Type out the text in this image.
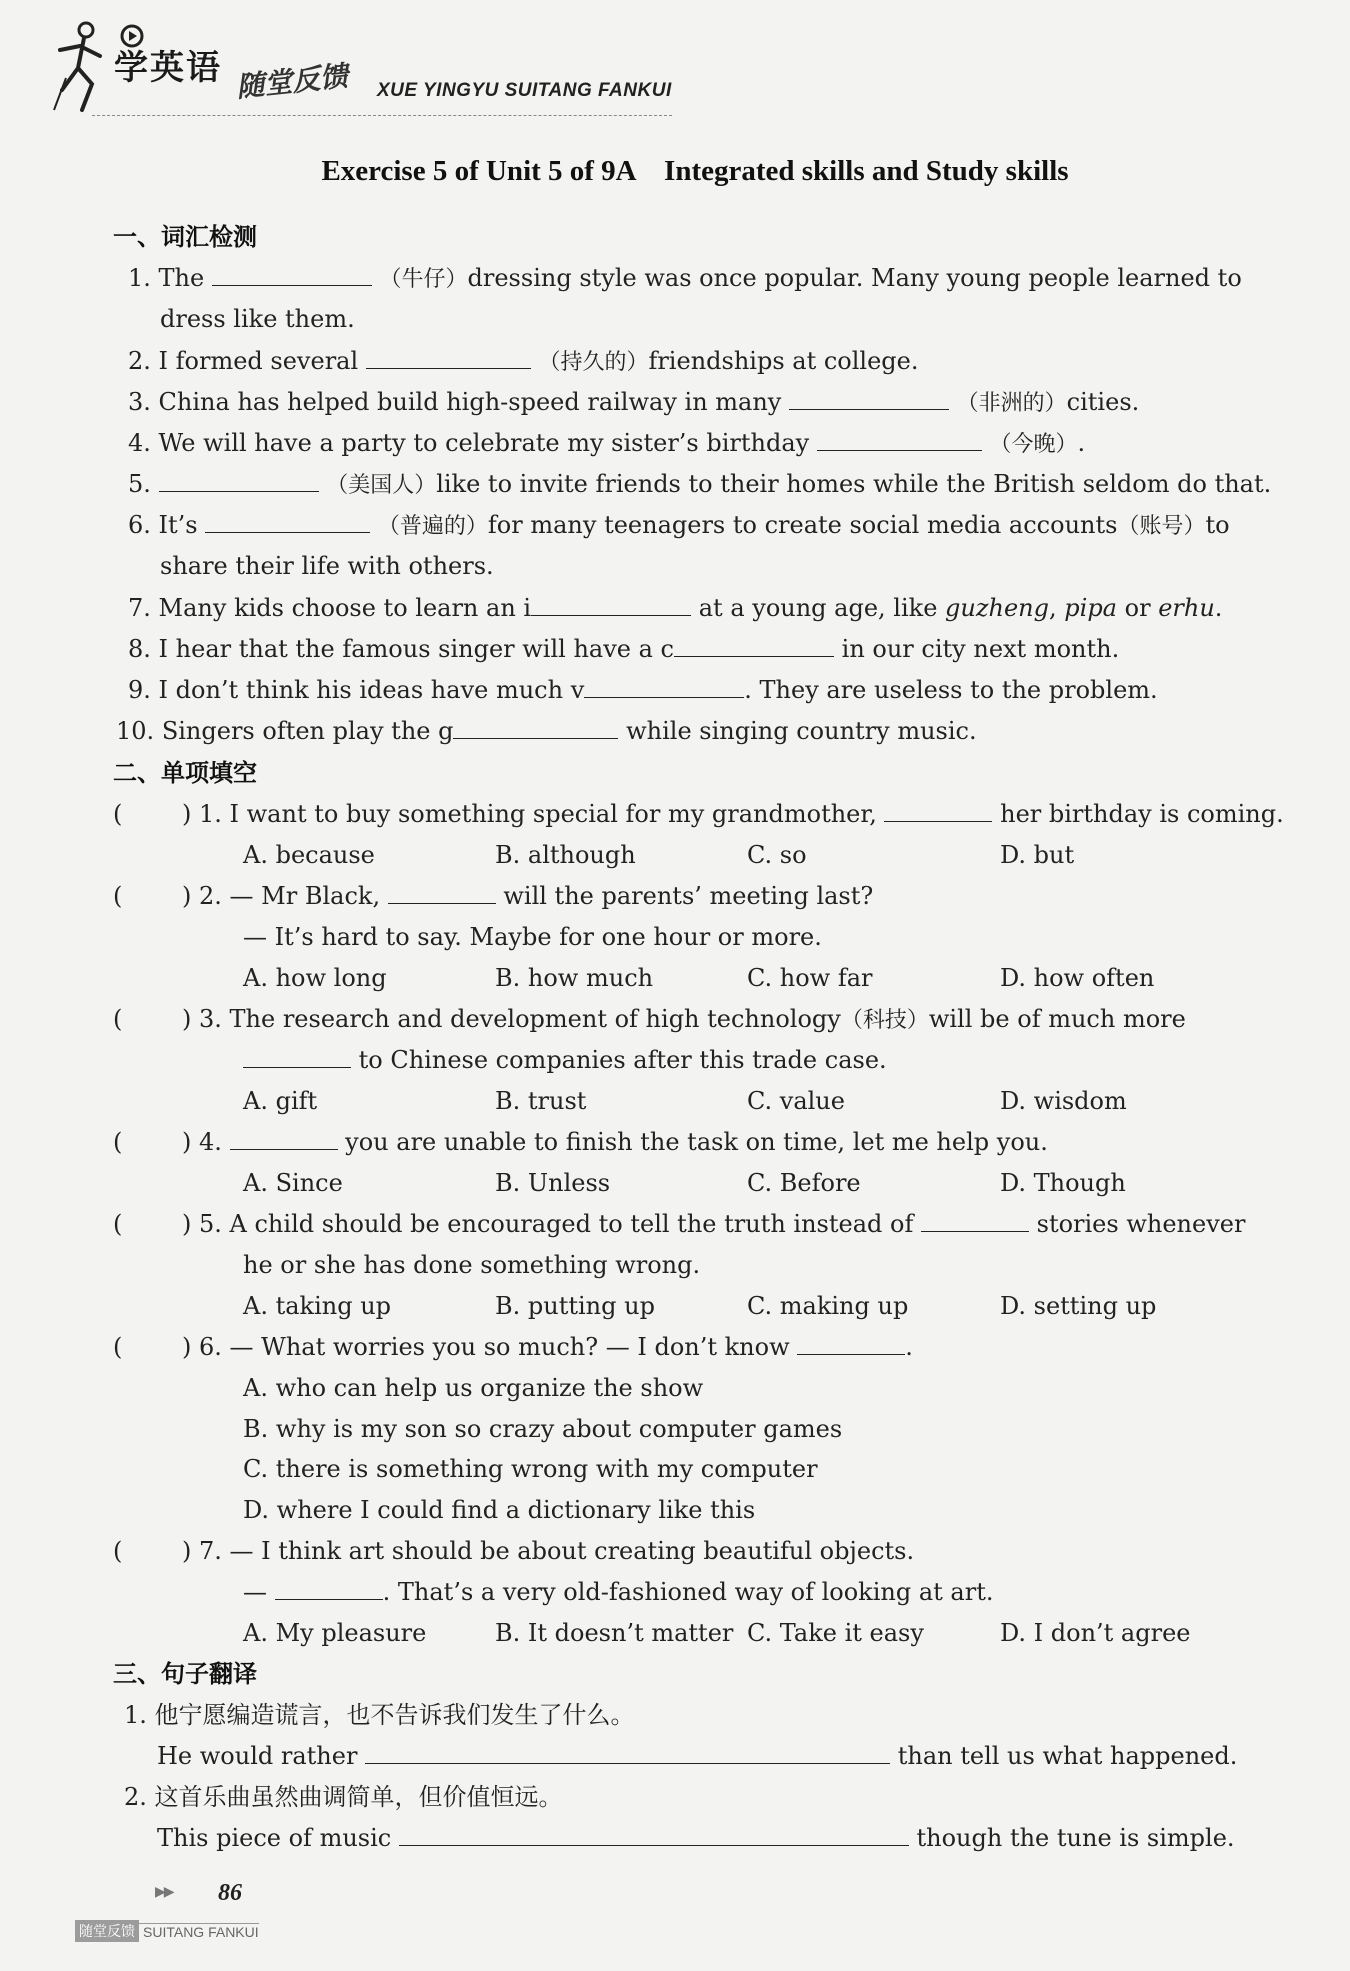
学英语 随堂反馈 XUE YINGYU SUITANG FANKUI
Exercise 5 of Unit 5 of 9A    Integrated skills and Study skills
一、词汇检测
1. The	（牛仔）dressing style was once popular. Many young people learned to
dress like them.
2. I formed several	（持久的）friendships at college.
3. China has helped build high-speed railway in many	（非洲的）cities.
4. We will have a party to celebrate my sister’s birthday	（今晚）.
5.	（美国人）like to invite friends to their homes while the British seldom do that.
6. It’s	（普遍的）for many teenagers to create social media accounts（账号）to
share their life with others.
7. Many kids choose to learn an i	at a young age, like guzheng, pipa or erhu.
8. I hear that the famous singer will have a c	in our city next month.
9. I don’t think his ideas have much v	. They are useless to the problem.
10. Singers often play the g	while singing country music.
二、单项填空
( ) 1. I want to buy something special for my grandmother,	her birthday is coming.
A. because	B. although	C. so	D. but
( ) 2. — Mr Black,	will the parents’ meeting last?
— It’s hard to say. Maybe for one hour or more.
A. how long	B. how much	C. how far	D. how often
( ) 3. The research and development of high technology（科技）will be of much more
to Chinese companies after this trade case.
A. gift	B. trust	C. value	D. wisdom
( ) 4.	you are unable to finish the task on time, let me help you.
A. Since	B. Unless	C. Before	D. Though
( ) 5. A child should be encouraged to tell the truth instead of	stories whenever
he or she has done something wrong.
A. taking up	B. putting up	C. making up	D. setting up
( ) 6. — What worries you so much? — I don’t know	.
A. who can help us organize the show
B. why is my son so crazy about computer games
C. there is something wrong with my computer
D. where I could find a dictionary like this
( ) 7. — I think art should be about creating beautiful objects.
—	. That’s a very old-fashioned way of looking at art.
A. My pleasure	B. It doesn’t matter C. Take it easy	D. I don’t agree
三、句子翻译
1. 他宁愿编造谎言，也不告诉我们发生了什么。
He would rather	than tell us what happened.
2. 这首乐曲虽然曲调简单，但价值恒远。
This piece of music	though the tune is simple.
▶▶ 86
随堂反馈 SUITANG FANKUI
